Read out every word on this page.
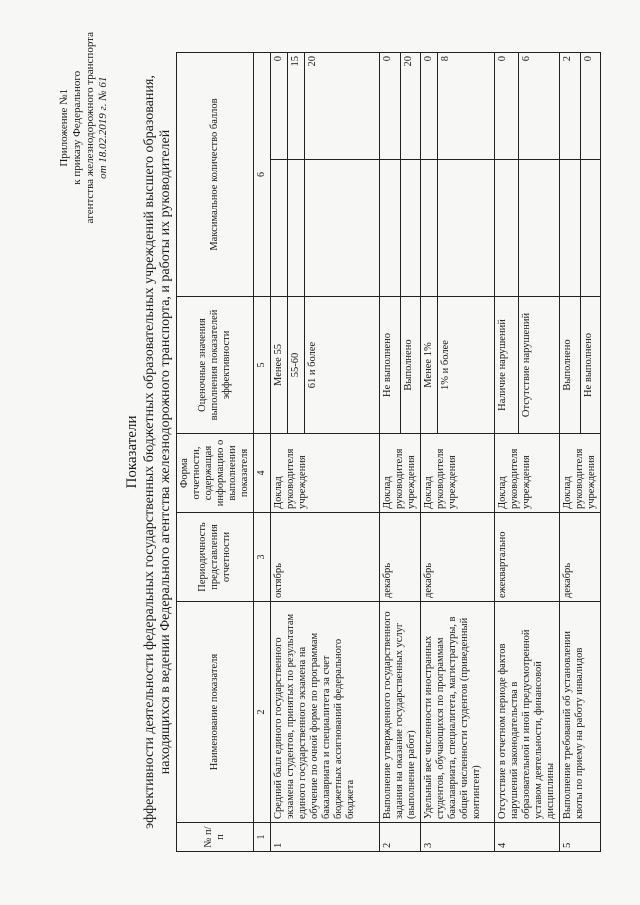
Приложение №1 к приказу Федерального агентства железнодорожного транспорта от 18.02.2019 г. № 61
Показатели эффективности деятельности федеральных государственных бюджетных образовательных учреждений высшего образования, находящихся в ведении Федерального агентства железнодорожного транспорта, и работы их руководителей
№ п/п	Наименование показателя	Периодичность представления отчетности	Форма отчетности, содержащая информацию о выполнении показателя	Оценочные значения выполнения показателей эффективности	Максимальное количество баллов	
1	2	3	4	5	6	
1	Средний балл единого государственного экзамена студентов, принятых по результатам единого государственного экзамена на обучение по очной форме по программам бакалавриата и специалитета за счет бюджетных ассигнований федерального бюджета	октябрь	Доклад руководителя учреждения	Менее 55		0
				55-60		15
				61 и более		20
2	Выполнение утвержденного государственного задания на оказание государственных услуг (выполнение работ)	декабрь	Доклад руководителя учреждения	Не выполнено		0
				Выполнено		20
3	Удельный вес численности иностранных студентов, обучающихся по программам бакалавриата, специалитета, магистратуры, в общей численности студентов (приведенный контингент)	декабрь	Доклад руководителя учреждения	Менее 1%		0
				1% и более		8
4	Отсутствие в отчетном периоде фактов нарушений законодательства в образовательной и иной предусмотренной уставом деятельности, финансовой дисциплины	ежеквартально	Доклад руководителя учреждения	Наличие нарушений		0
				Отсутствие нарушений		6
5	Выполнение требований об установлении квоты по приему на работу инвалидов	декабрь	Доклад руководителя учреждения	Выполнено		2
				Не выполнено		0
